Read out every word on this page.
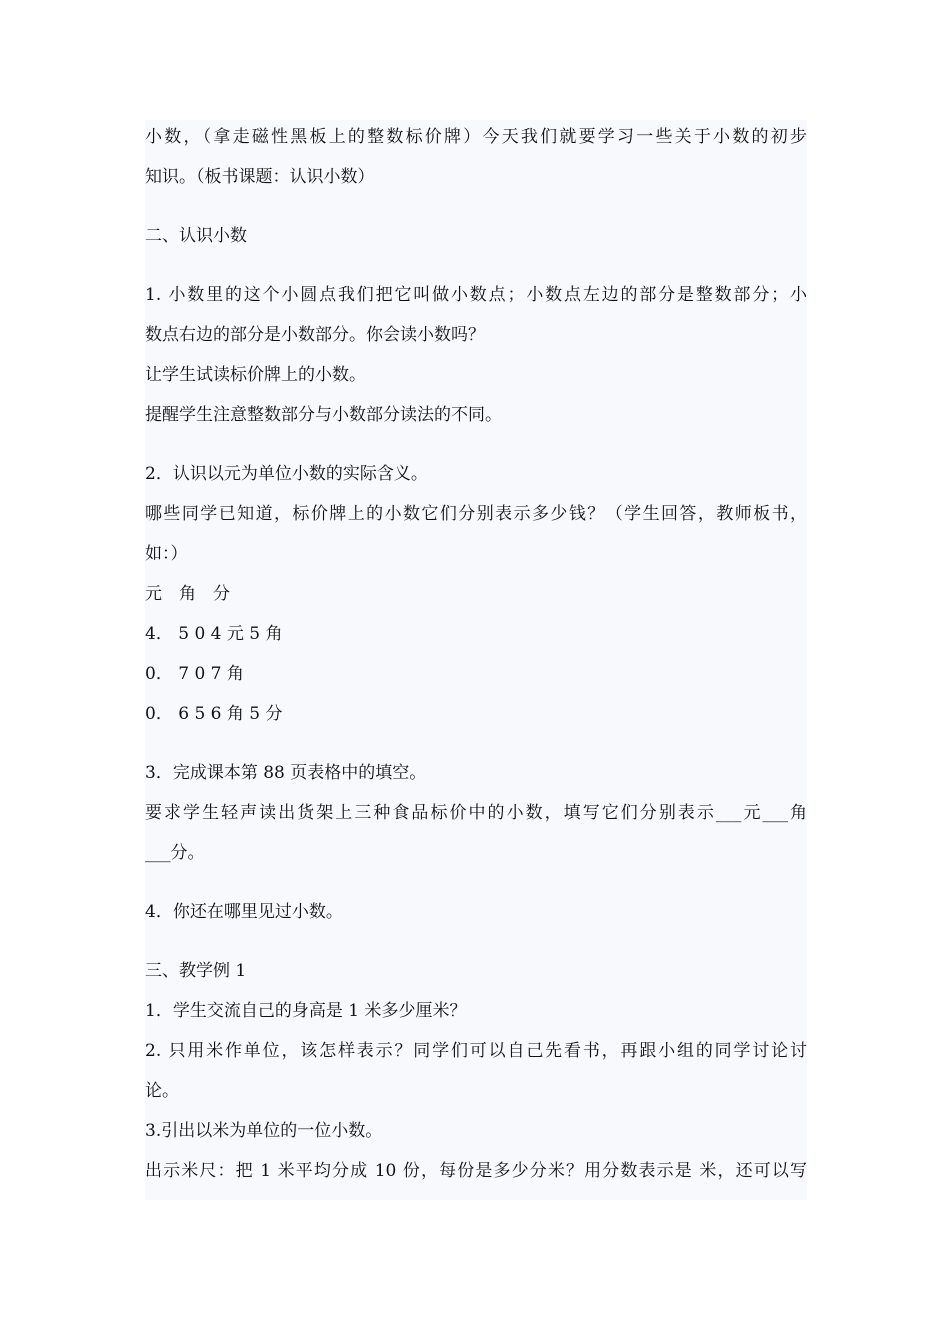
小数，（拿走磁性黑板上的整数标价牌）今天我们就要学习一些关于小数的初步
知识。（板书课题：认识小数）
二、认识小数
1. 小数里的这个小圆点我们把它叫做小数点；小数点左边的部分是整数部分；小
数点右边的部分是小数部分。你会读小数吗？
让学生试读标价牌上的小数。
提醒学生注意整数部分与小数部分读法的不同。
2．认识以元为单位小数的实际含义。
哪些同学已知道，标价牌上的小数它们分别表示多少钱？（学生回答，教师板书，
如：）
元　角　分
4． 5 0 4 元 5 角
0． 7 0 7 角
0． 6 5 6 角 5 分
3．完成课本第 88 页表格中的填空。
要求学生轻声读出货架上三种食品标价中的小数，填写它们分别表示___元___角
___分。
4．你还在哪里见过小数。
三、教学例 1
1．学生交流自己的身高是 1 米多少厘米？
2. 只用米作单位，该怎样表示？同学们可以自己先看书，再跟小组的同学讨论讨
论。
3.引出以米为单位的一位小数。
出示米尺：把 1 米平均分成 10 份，每份是多少分米？用分数表示是 米，还可以写
